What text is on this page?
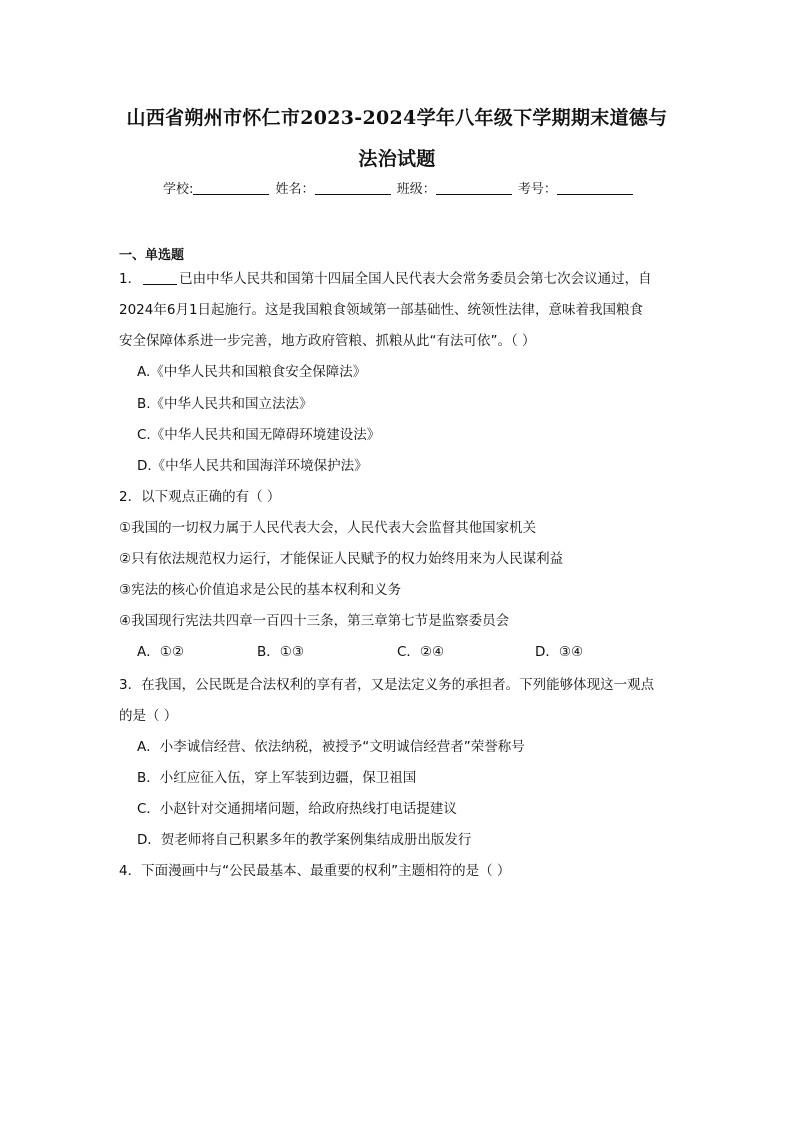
山西省朔州市怀仁市2023-2024学年八年级下学期期末道德与
法治试题
学校:	姓名：	班级：	考号：
一、单选题
1．	已由中华人民共和国第十四届全国人民代表大会常务委员会第七次会议通过，自
2024年6月1日起施行。这是我国粮食领域第一部基础性、统领性法律，意味着我国粮食
安全保障体系进一步完善，地方政府管粮、抓粮从此“有法可依”。（ ）
A.《中华人民共和国粮食安全保障法》
B.《中华人民共和国立法法》
C.《中华人民共和国无障碍环境建设法》
D.《中华人民共和国海洋环境保护法》
2．以下观点正确的有（ ）
①我国的一切权力属于人民代表大会，人民代表大会监督其他国家机关
②只有依法规范权力运行，才能保证人民赋予的权力始终用来为人民谋利益
③宪法的核心价值追求是公民的基本权利和义务
④我国现行宪法共四章一百四十三条，第三章第七节是监察委员会
A．①②	B．①③	C．②④	D．③④
3．在我国，公民既是合法权利的享有者，又是法定义务的承担者。下列能够体现这一观点
的是（ ）
A．小李诚信经营、依法纳税，被授予“文明诚信经营者”荣誉称号
B．小红应征入伍，穿上军装到边疆，保卫祖国
C．小赵针对交通拥堵问题，给政府热线打电话提建议
D．贺老师将自己积累多年的教学案例集结成册出版发行
4．下面漫画中与“公民最基本、最重要的权利”主题相符的是（ ）
